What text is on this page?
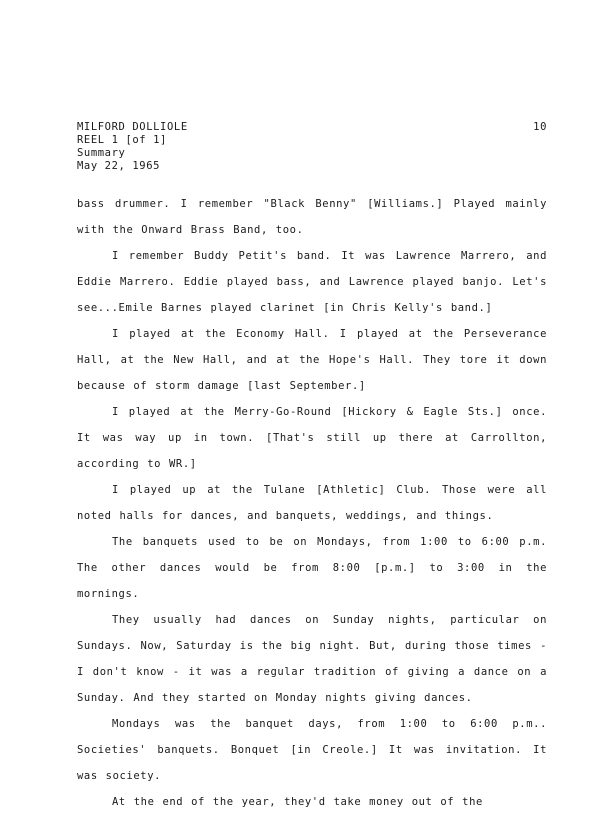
MILFORD DOLLIOLE
REEL 1 [of 1]
Summary
May 22, 1965
10

bass drummer. I remember "Black Benny" [Williams.] Played mainly with the Onward Brass Band, too.

I remember Buddy Petit's band. It was Lawrence Marrero, and Eddie Marrero. Eddie played bass, and Lawrence played banjo. Let's see...Emile Barnes played clarinet [in Chris Kelly's band.]

I played at the Economy Hall. I played at the Perseverance Hall, at the New Hall, and at the Hope's Hall. They tore it down because of storm damage [last September.]

I played at the Merry-Go-Round [Hickory & Eagle Sts.] once. It was way up in town. [That's still up there at Carrollton, according to WR.]

I played up at the Tulane [Athletic] Club. Those were all noted halls for dances, and banquets, weddings, and things.

The banquets used to be on Mondays, from 1:00 to 6:00 p.m. The other dances would be from 8:00 [p.m.] to 3:00 in the mornings.

They usually had dances on Sunday nights, particular on Sundays. Now, Saturday is the big night. But, during those times - I don't know - it was a regular tradition of giving a dance on a Sunday. And they started on Monday nights giving dances.

Mondays was the banquet days, from 1:00 to 6:00 p.m.. Societies' banquets. Bonquet [in Creole.] It was invitation. It was society.

At the end of the year, they'd take money out of the
